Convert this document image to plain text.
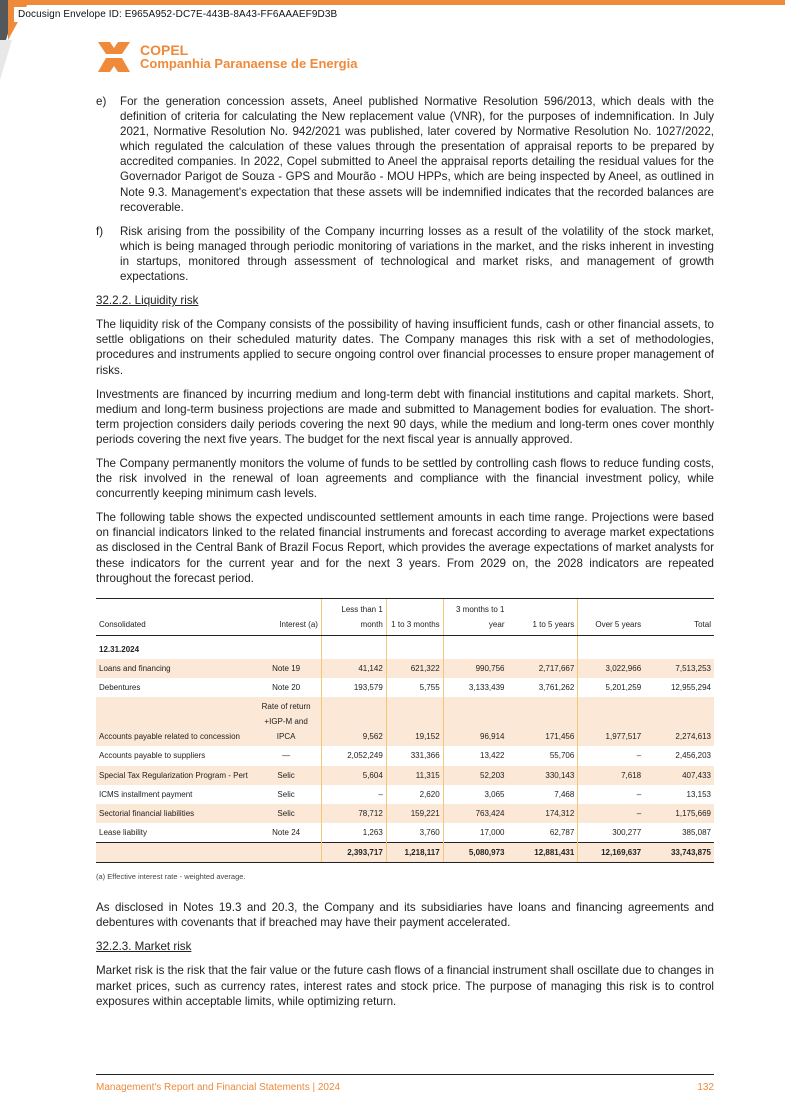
Docusign Envelope ID: E965A952-DC7E-443B-8A43-FF6AAAEF9D3B
COPEL
Companhia Paranaense de Energia
e)	For the generation concession assets, Aneel published Normative Resolution 596/2013, which deals with the definition of criteria for calculating the New replacement value (VNR), for the purposes of indemnification. In July 2021, Normative Resolution No. 942/2021 was published, later covered by Normative Resolution No. 1027/2022, which regulated the calculation of these values through the presentation of appraisal reports to be prepared by accredited companies. In 2022, Copel submitted to Aneel the appraisal reports detailing the residual values for the Governador Parigot de Souza - GPS and Mourão - MOU HPPs, which are being inspected by Aneel, as outlined in Note 9.3. Management's expectation that these assets will be indemnified indicates that the recorded balances are recoverable.
f)	Risk arising from the possibility of the Company incurring losses as a result of the volatility of the stock market, which is being managed through periodic monitoring of variations in the market, and the risks inherent in investing in startups, monitored through assessment of technological and market risks, and management of growth expectations.
32.2.2. Liquidity risk

The liquidity risk of the Company consists of the possibility of having insufficient funds, cash or other financial assets, to settle obligations on their scheduled maturity dates. The Company manages this risk with a set of methodologies, procedures and instruments applied to secure ongoing control over financial processes to ensure proper management of risks.

Investments are financed by incurring medium and long-term debt with financial institutions and capital markets. Short, medium and long-term business projections are made and submitted to Management bodies for evaluation. The short-term projection considers daily periods covering the next 90 days, while the medium and long-term ones cover monthly periods covering the next five years. The budget for the next fiscal year is annually approved.

The Company permanently monitors the volume of funds to be settled by controlling cash flows to reduce funding costs, the risk involved in the renewal of loan agreements and compliance with the financial investment policy, while concurrently keeping minimum cash levels.

The following table shows the expected undiscounted settlement amounts in each time range. Projections were based on financial indicators linked to the related financial instruments and forecast according to average market expectations as disclosed in the Central Bank of Brazil Focus Report, which provides the average expectations of market analysts for these indicators for the current year and for the next 3 years. From 2029 on, the 2028 indicators are repeated throughout the forecast period.

Consolidated	Interest (a)	Less than 1 month	1 to 3 months	3 months to 1 year	1 to 5 years	Over 5 years	Total
12.31.2024							
Loans and financing	Note 19	41,142	621,322	990,756	2,717,667	3,022,966	7,513,253
Debentures	Note 20	193,579	5,755	3,133,439	3,761,262	5,201,259	12,955,294
Accounts payable related to concession	Rate of return +IGP-M and IPCA	9,562	19,152	96,914	171,456	1,977,517	2,274,613
Accounts payable to suppliers	—	2,052,249	331,366	13,422	55,706	–	2,456,203
Special Tax Regularization Program - Pert	Selic	5,604	11,315	52,203	330,143	7,618	407,433
ICMS installment payment	Selic	–	2,620	3,065	7,468	–	13,153
Sectorial financial liabilities	Selic	78,712	159,221	763,424	174,312	–	1,175,669
Lease liability	Note 24	1,263	3,760	17,000	62,787	300,277	385,087
		2,393,717	1,218,117	5,080,973	12,881,431	12,169,637	33,743,875
(a) Effective interest rate - weighted average.

As disclosed in Notes 19.3 and 20.3, the Company and its subsidiaries have loans and financing agreements and debentures with covenants that if breached may have their payment accelerated.

32.2.3. Market risk

Market risk is the risk that the fair value or the future cash flows of a financial instrument shall oscillate due to changes in market prices, such as currency rates, interest rates and stock price. The purpose of managing this risk is to control exposures within acceptable limits, while optimizing return.

Management's Report and Financial Statements | 2024	132
